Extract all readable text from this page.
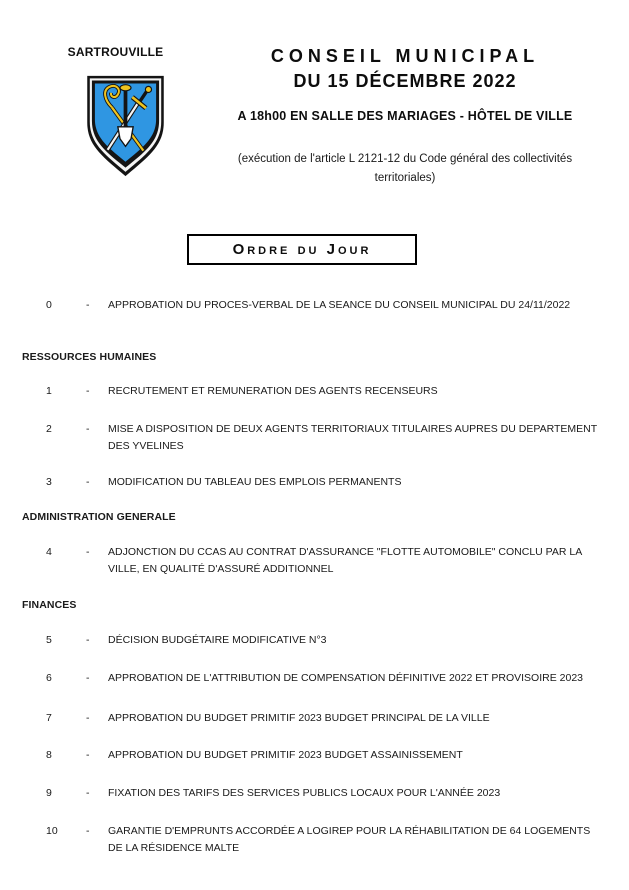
SARTROUVILLE	CONSEIL MUNICIPAL
DU 15 DÉCEMBRE 2022
A 18h00 EN SALLE DES MARIAGES - HÔTEL DE VILLE
(exécution de l'article L 2121-12 du Code général des collectivités territoriales)
Ordre du Jour
0	-	APPROBATION DU PROCES-VERBAL DE LA SEANCE DU CONSEIL MUNICIPAL DU 24/11/2022
RESSOURCES HUMAINES
1	-	RECRUTEMENT ET REMUNERATION DES AGENTS RECENSEURS
2	-	MISE A DISPOSITION DE DEUX AGENTS TERRITORIAUX TITULAIRES AUPRES DU DEPARTEMENT DES YVELINES
3	-	MODIFICATION DU TABLEAU DES EMPLOIS PERMANENTS
ADMINISTRATION GENERALE
4	-	ADJONCTION DU CCAS AU CONTRAT D'ASSURANCE "FLOTTE AUTOMOBILE" CONCLU PAR LA VILLE, EN QUALITÉ D'ASSURÉ ADDITIONNEL
FINANCES
5	-	DÉCISION BUDGÉTAIRE MODIFICATIVE N°3
6	-	APPROBATION DE L'ATTRIBUTION DE COMPENSATION DÉFINITIVE 2022 ET PROVISOIRE 2023
7	-	APPROBATION DU BUDGET PRIMITIF 2023 BUDGET PRINCIPAL DE LA VILLE
8	-	APPROBATION DU BUDGET PRIMITIF 2023 BUDGET ASSAINISSEMENT
9	-	FIXATION DES TARIFS DES SERVICES PUBLICS LOCAUX POUR L'ANNÉE 2023
10	-	GARANTIE D'EMPRUNTS ACCORDÉE A LOGIREP POUR LA RÉHABILITATION DE 64 LOGEMENTS DE LA RÉSIDENCE MALTE
